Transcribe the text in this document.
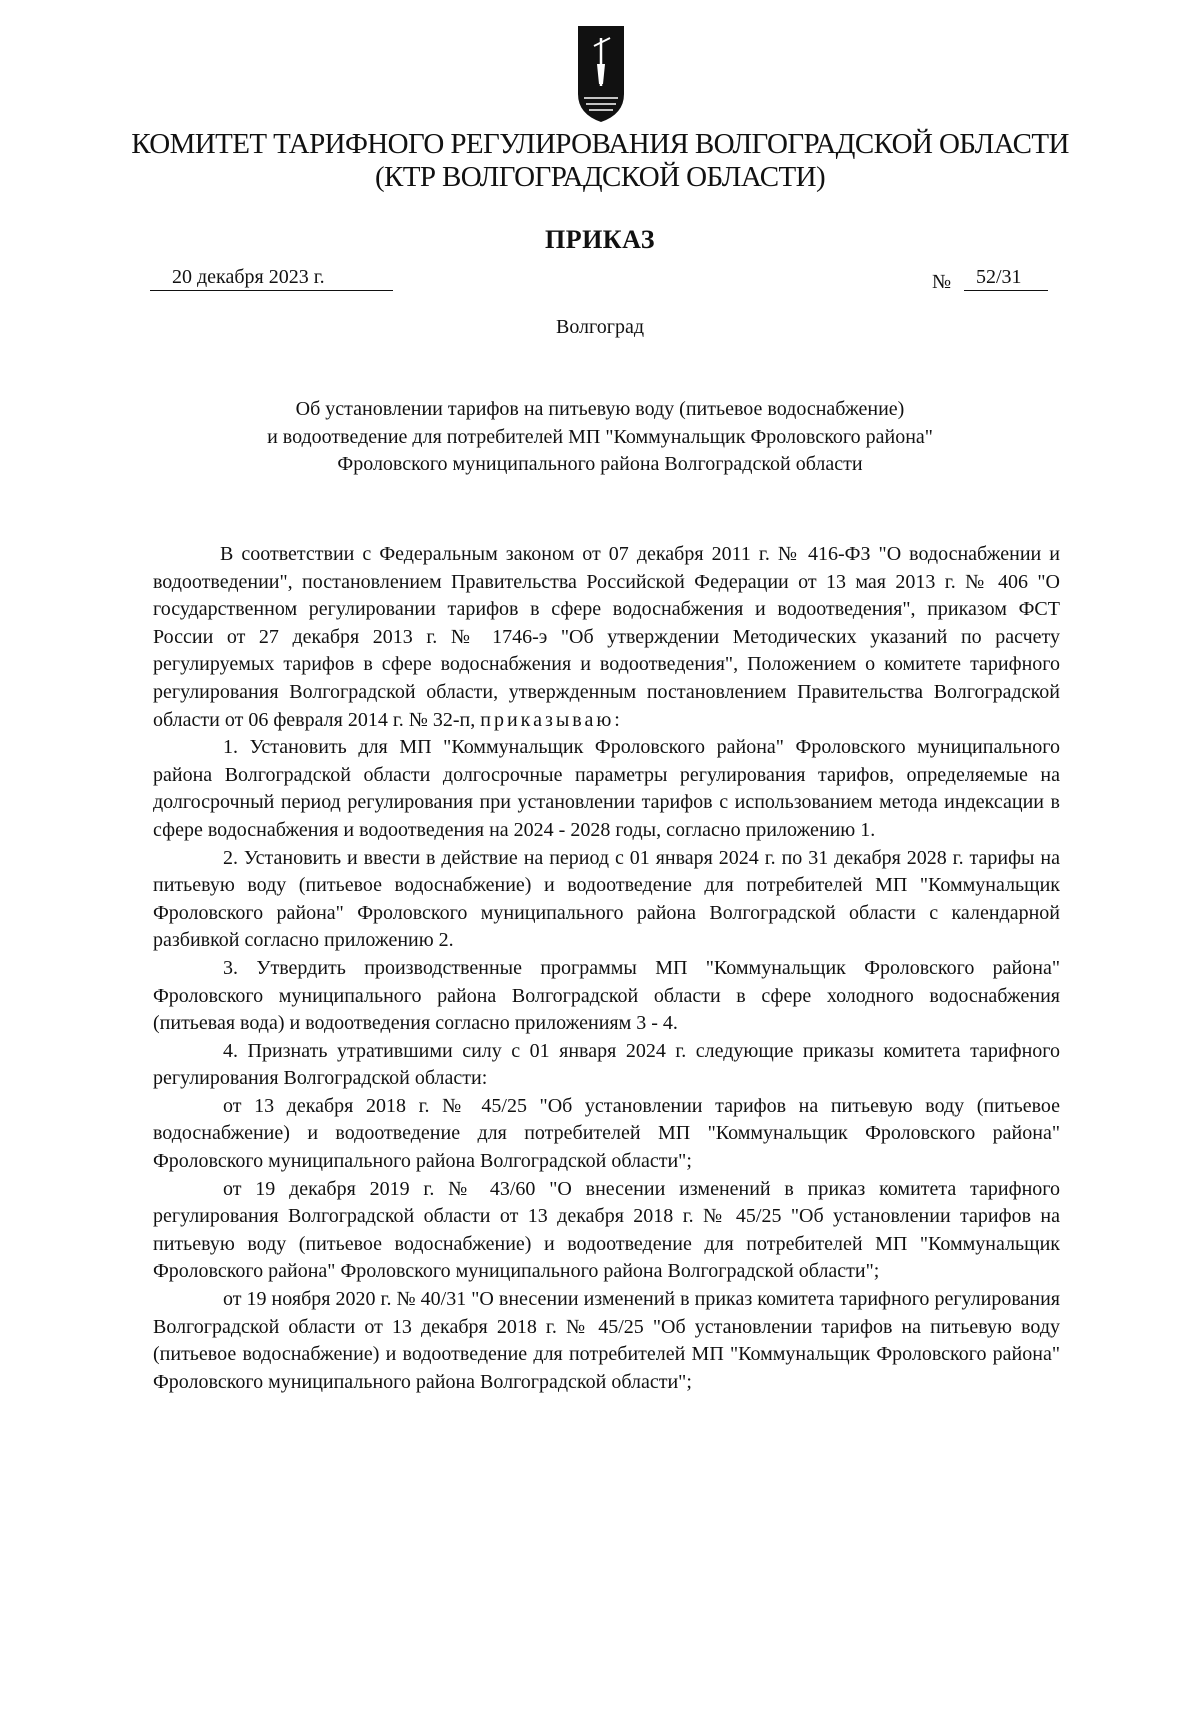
КОМИТЕТ ТАРИФНОГО РЕГУЛИРОВАНИЯ ВОЛГОГРАДСКОЙ ОБЛАСТИ
(КТР ВОЛГОГРАДСКОЙ ОБЛАСТИ)
ПРИКАЗ
20 декабря 2023 г.	№	52/31
Волгоград
Об установлении тарифов на питьевую воду (питьевое водоснабжение)
и водоотведение для потребителей МП "Коммунальщик Фроловского района"
Фроловского муниципального района Волгоградской области

В соответствии с Федеральным законом от 07 декабря 2011 г. № 416-ФЗ "О водоснабжении и водоотведении", постановлением Правительства Российской Федерации от 13 мая 2013 г. № 406 "О государственном регулировании тарифов в сфере водоснабжения и водоотведения", приказом ФСТ России от 27 декабря 2013 г. № 1746-э "Об утверждении Методических указаний по расчету регулируемых тарифов в сфере водоснабжения и водоотведения", Положением о комитете тарифного регулирования Волгоградской области, утвержденным постановлением Правительства Волгоградской области от 06 февраля 2014 г. № 32-п, приказываю:

1. Установить для МП "Коммунальщик Фроловского района" Фроловского муниципального района Волгоградской области долгосрочные параметры регулирования тарифов, определяемые на долгосрочный период регулирования при установлении тарифов с использованием метода индексации в сфере водоснабжения и водоотведения на 2024 - 2028 годы, согласно приложению 1.

2. Установить и ввести в действие на период с 01 января 2024 г. по 31 декабря 2028 г. тарифы на питьевую воду (питьевое водоснабжение) и водоотведение для потребителей МП "Коммунальщик Фроловского района" Фроловского муниципального района Волгоградской области с календарной разбивкой согласно приложению 2.

3. Утвердить производственные программы МП "Коммунальщик Фроловского района" Фроловского муниципального района Волгоградской области в сфере холодного водоснабжения (питьевая вода) и водоотведения согласно приложениям 3 - 4.

4. Признать утратившими силу с 01 января 2024 г. следующие приказы комитета тарифного регулирования Волгоградской области:

от 13 декабря 2018 г. № 45/25 "Об установлении тарифов на питьевую воду (питьевое водоснабжение) и водоотведение для потребителей МП "Коммунальщик Фроловского района" Фроловского муниципального района Волгоградской области";

от 19 декабря 2019 г. № 43/60 "О внесении изменений в приказ комитета тарифного регулирования Волгоградской области от 13 декабря 2018 г. № 45/25 "Об установлении тарифов на питьевую воду (питьевое водоснабжение) и водоотведение для потребителей МП "Коммунальщик Фроловского района" Фроловского муниципального района Волгоградской области";

от 19 ноября 2020 г. № 40/31 "О внесении изменений в приказ комитета тарифного регулирования Волгоградской области от 13 декабря 2018 г. № 45/25 "Об установлении тарифов на питьевую воду (питьевое водоснабжение) и водоотведение для потребителей МП "Коммунальщик Фроловского района" Фроловского муниципального района Волгоградской области";
